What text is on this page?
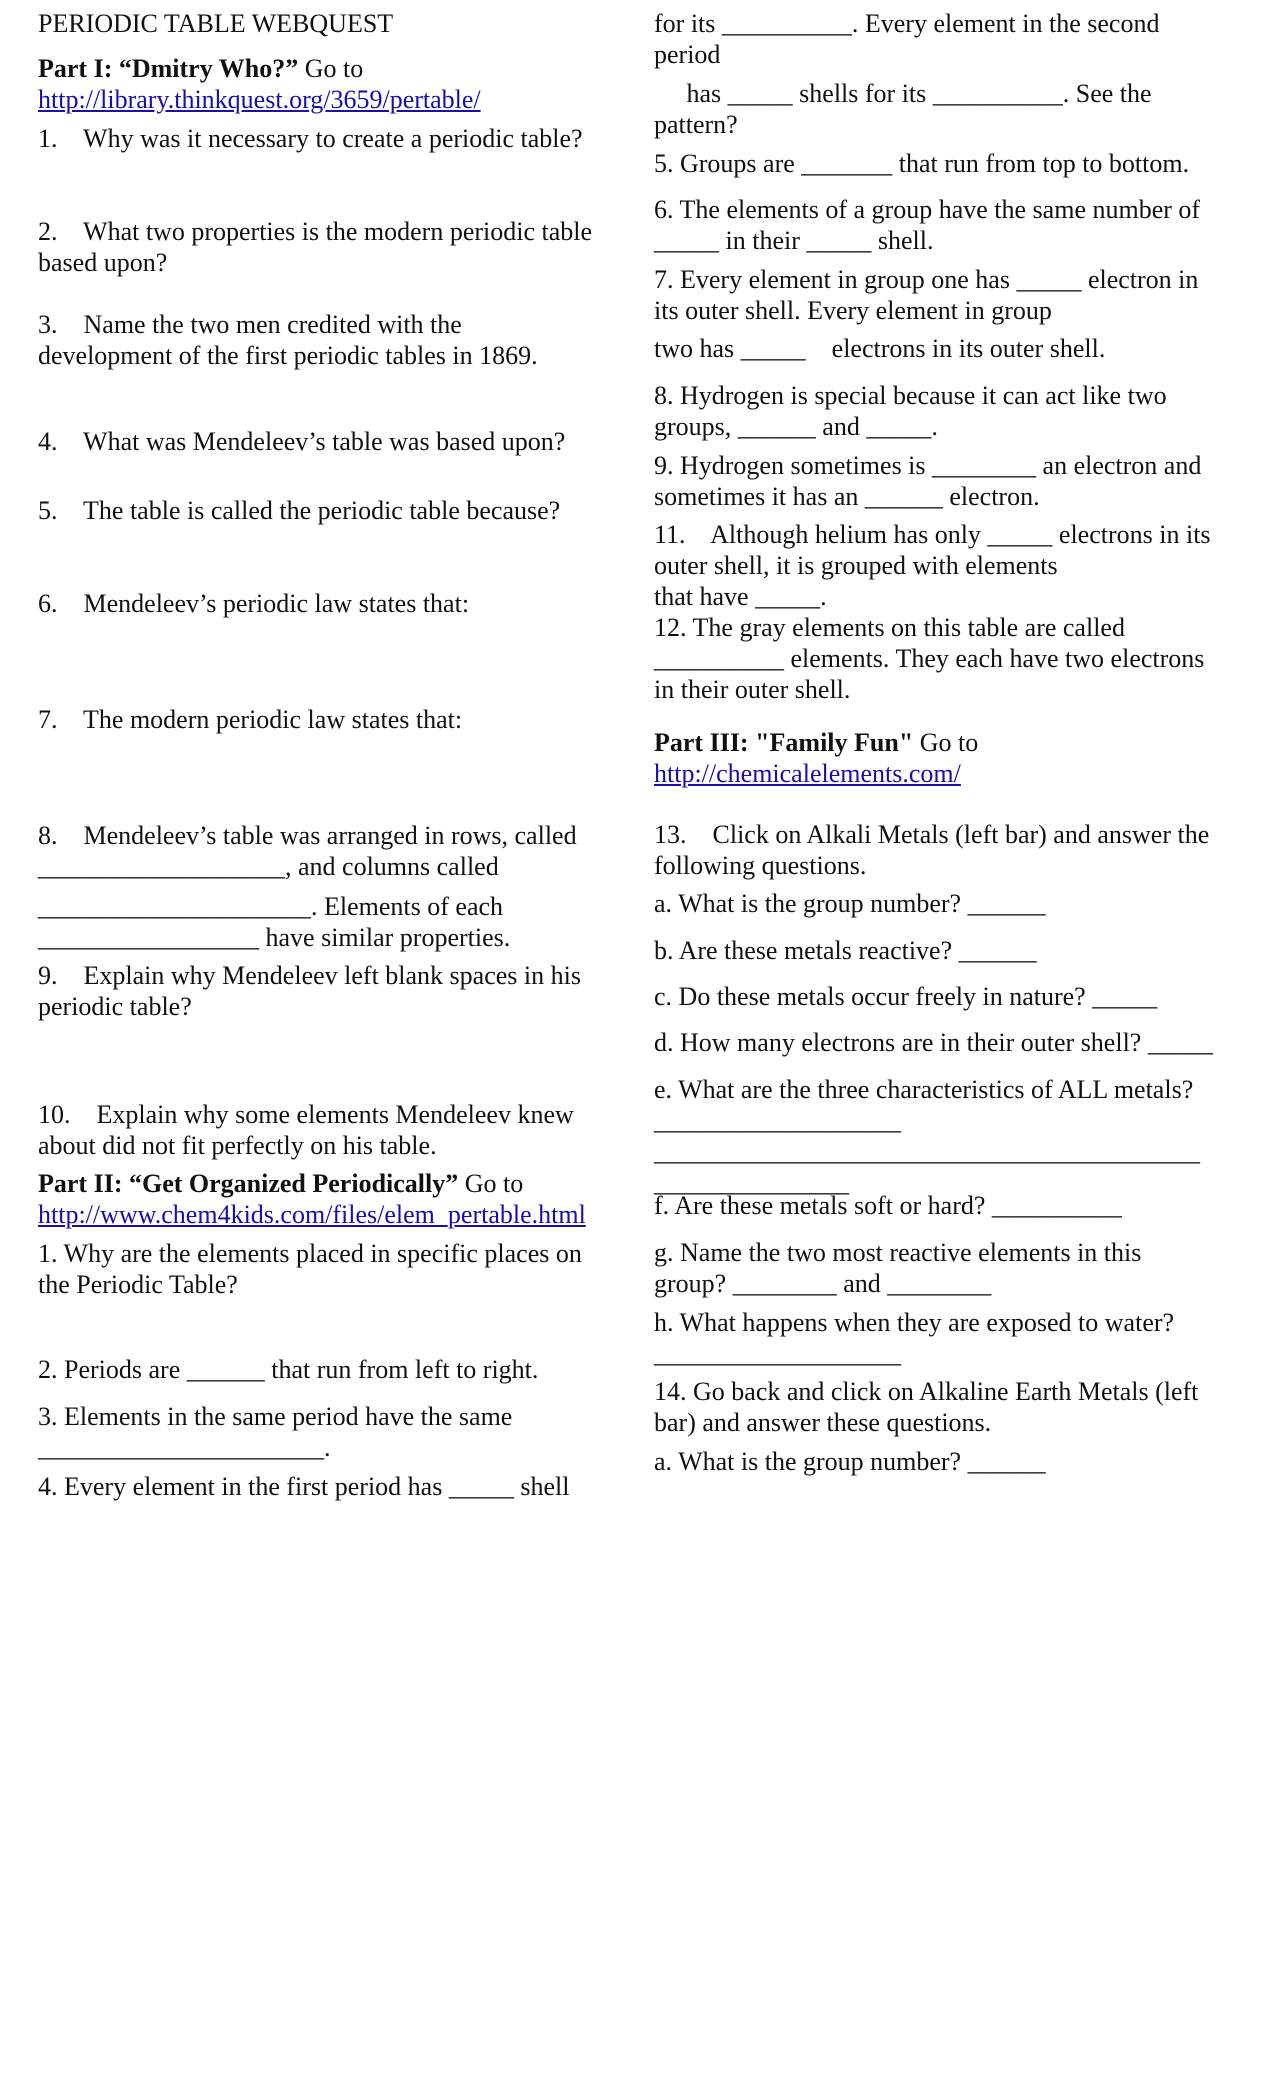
PERIODIC TABLE WEBQUEST
Part I: “Dmitry Who?” Go to
http://library.thinkquest.org/3659/pertable/
1.    Why was it necessary to create a periodic table?
2.    What two properties is the modern periodic table
based upon?
3.    Name the two men credited with the
development of the first periodic tables in 1869.
4.    What was Mendeleev’s table was based upon?
5.    The table is called the periodic table because?
6.    Mendeleev’s periodic law states that:
7.    The modern periodic law states that:
8.    Mendeleev’s table was arranged in rows, called
___________________, and columns called
_____________________. Elements of each
_________________ have similar properties.
9.    Explain why Mendeleev left blank spaces in his
periodic table?
10.    Explain why some elements Mendeleev knew
about did not fit perfectly on his table.
Part II: “Get Organized Periodically” Go to
http://www.chem4kids.com/files/elem_pertable.html
1. Why are the elements placed in specific places on
the Periodic Table?
2. Periods are ______ that run from left to right.
3. Elements in the same period have the same
______________________.
4. Every element in the first period has _____ shell
for its __________. Every element in the second
period
has _____ shells for its __________. See the
pattern?
5. Groups are _______ that run from top to bottom.
6. The elements of a group have the same number of
_____ in their _____ shell.
7. Every element in group one has _____ electron in
its outer shell. Every element in group
two has _____    electrons in its outer shell.
8. Hydrogen is special because it can act like two
groups, ______ and _____.
9. Hydrogen sometimes is ________ an electron and
sometimes it has an ______ electron.
11.    Although helium has only _____ electrons in its
outer shell, it is grouped with elements
that have _____.
12. The gray elements on this table are called
__________ elements. They each have two electrons
in their outer shell.
Part III: "Family Fun" Go to
http://chemicalelements.com/
13.    Click on Alkali Metals (left bar) and answer the
following questions.
a. What is the group number? ______
b. Are these metals reactive? ______
c. Do these metals occur freely in nature? _____
d. How many electrons are in their outer shell? _____
e. What are the three characteristics of ALL metals?
___________________
__________________________________________
_______________
f. Are these metals soft or hard? __________
g. Name the two most reactive elements in this
group? ________ and ________
h. What happens when they are exposed to water?
___________________
14. Go back and click on Alkaline Earth Metals (left
bar) and answer these questions.
a. What is the group number? ______
